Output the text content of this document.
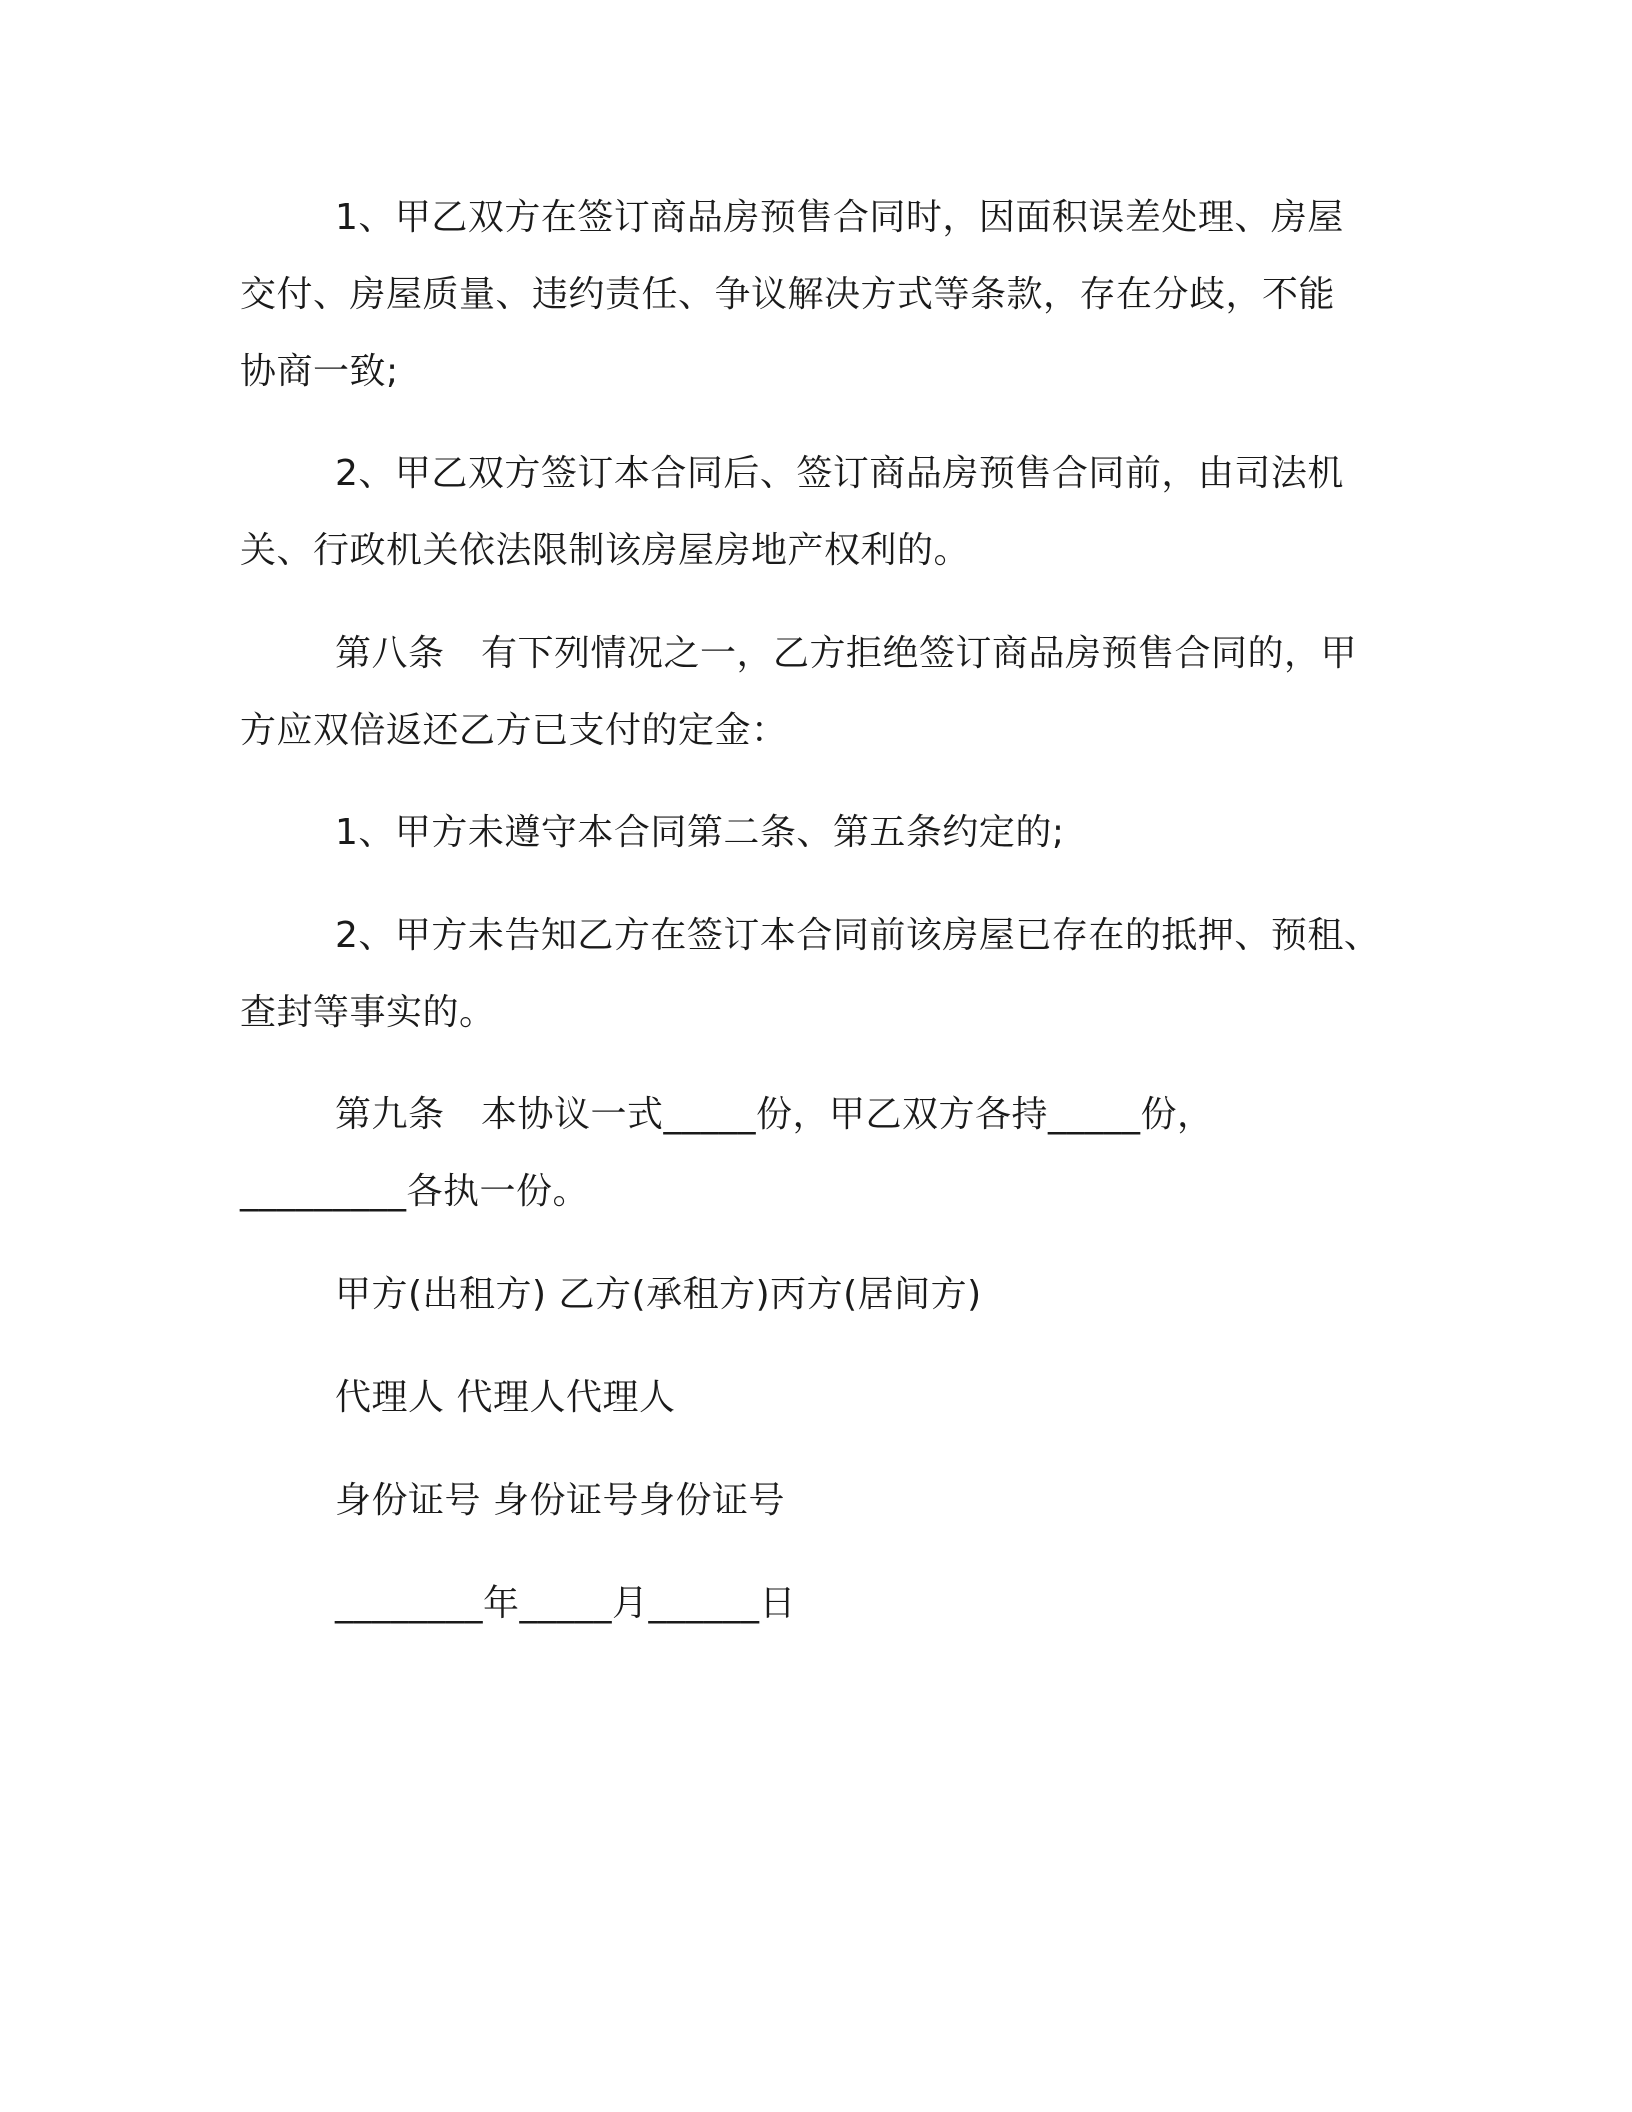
1、甲乙双方在签订商品房预售合同时，因面积误差处理、房屋
交付、房屋质量、违约责任、争议解决方式等条款，存在分歧，不能
协商一致;
2、甲乙双方签订本合同后、签订商品房预售合同前，由司法机
关、行政机关依法限制该房屋房地产权利的。
第八条　有下列情况之一，乙方拒绝签订商品房预售合同的，甲
方应双倍返还乙方已支付的定金：
1、甲方未遵守本合同第二条、第五条约定的;
2、甲方未告知乙方在签订本合同前该房屋已存在的抵押、预租、
查封等事实的。
第九条　本协议一式_____份，甲乙双方各持_____份，
_________各执一份。
甲方(出租方) 乙方(承租方)丙方(居间方)
代理人 代理人代理人
身份证号 身份证号身份证号
________年_____月______日
